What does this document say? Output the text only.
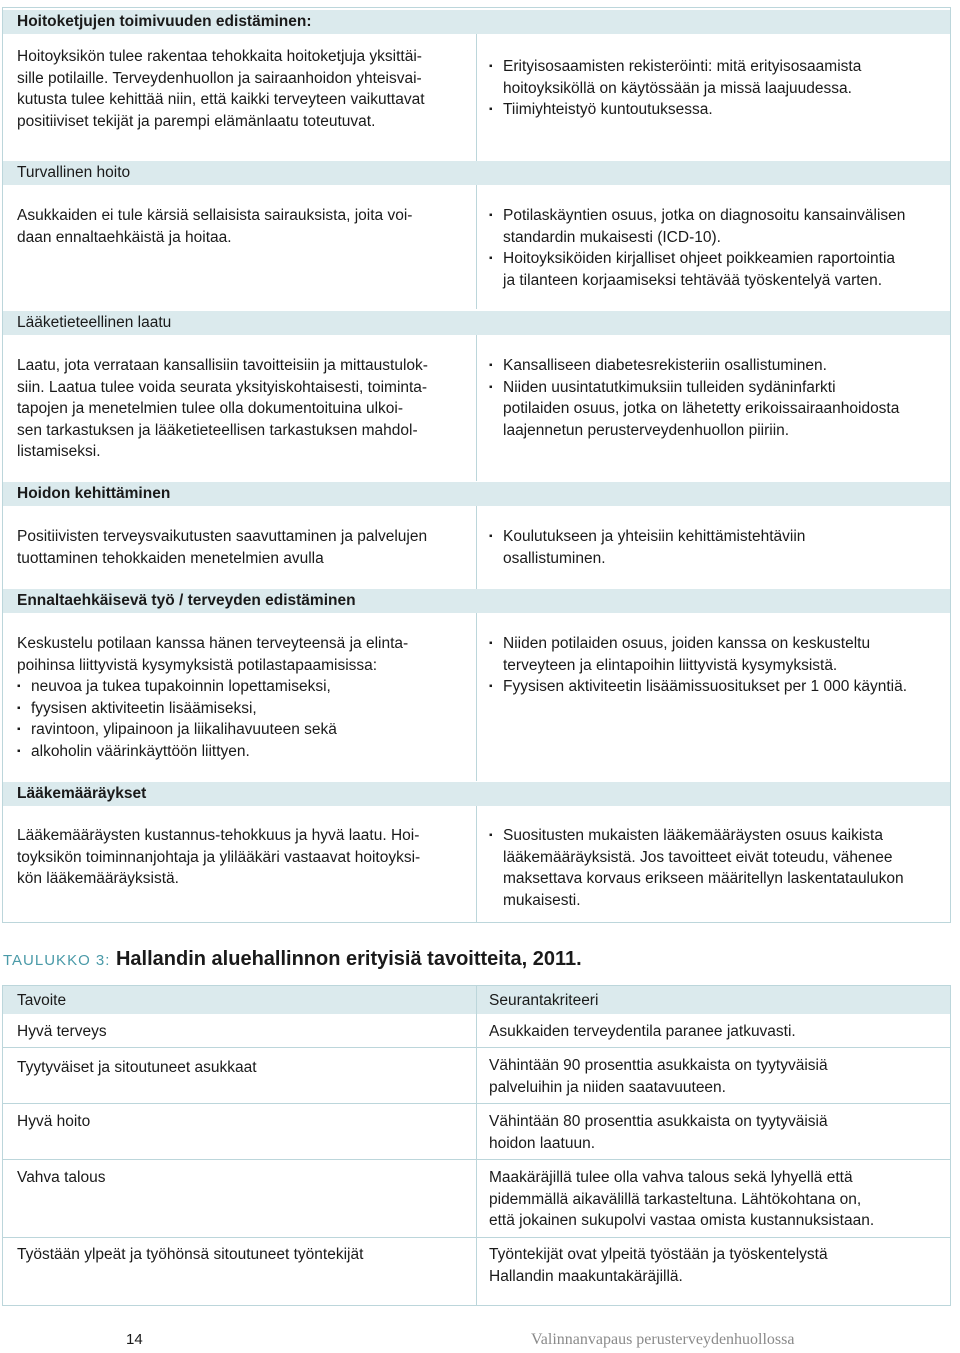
Hoitoketjujen toimivuuden edistäminen:
Hoitoyksikön tulee rakentaa tehokkaita hoitoketjuja yksittäi-
sille potilaille. Terveydenhuollon ja sairaanhoidon yhteisvai-
kutusta tulee kehittää niin, että kaikki terveyteen vaikuttavat
positiiviset tekijät ja parempi elämänlaatu toteutuvat.
▪ Erityisosaamisten rekisteröinti: mitä erityisosaamista
hoitoyksiköllä on käytössään ja missä laajuudessa.
▪ Tiimiyhteistyö kuntoutuksessa.
Turvallinen hoito
Asukkaiden ei tule kärsiä sellaisista sairauksista, joita voi-
daan ennaltaehkäistä ja hoitaa.
▪ Potilaskäyntien osuus, jotka on diagnosoitu kansainvälisen
standardin mukaisesti (ICD-10).
▪ Hoitoyksiköiden kirjalliset ohjeet poikkeamien raportointia
ja tilanteen korjaamiseksi tehtävää työskentelyä varten.
Lääketieteellinen laatu
Laatu, jota verrataan kansallisiin tavoitteisiin ja mittaustulok-
siin. Laatua tulee voida seurata yksityiskohtaisesti, toiminta-
tapojen ja menetelmien tulee olla dokumentoituina ulkoi-
sen tarkastuksen ja lääketieteellisen tarkastuksen mahdol-
listamiseksi.
▪ Kansalliseen diabetesrekisteriin osallistuminen.
▪ Niiden uusintatutkimuksiin tulleiden sydäninfarkti
potilaiden osuus, jotka on lähetetty erikoissairaanhoidosta
laajennetun perusterveydenhuollon piiriin.
Hoidon kehittäminen
Positiivisten terveysvaikutusten saavuttaminen ja palvelujen
tuottaminen tehokkaiden menetelmien avulla
▪ Koulutukseen ja yhteisiin kehittämistehtäviin
osallistuminen.
Ennaltaehkäisevä työ / terveyden edistäminen
Keskustelu potilaan kanssa hänen terveyteensä ja elinta-
poihinsa liittyvistä kysymyksistä potilastapaamisissa:
▪ neuvoa ja tukea tupakoinnin lopettamiseksi,
▪ fyysisen aktiviteetin lisäämiseksi,
▪ ravintoon, ylipainoon ja liikalihavuuteen sekä
▪ alkoholin väärinkäyttöön liittyen.
▪ Niiden potilaiden osuus, joiden kanssa on keskusteltu
terveyteen ja elintapoihin liittyvistä kysymyksistä.
▪ Fyysisen aktiviteetin lisäämissuositukset per 1 000 käyntiä.
Lääkemääräykset
Lääkemääräysten kustannus-tehokkuus ja hyvä laatu. Hoi-
toyksikön toiminnanjohtaja ja ylilääkäri vastaavat hoitoyksi-
kön lääkemääräyksistä.
▪ Suositusten mukaisten lääkemääräysten osuus kaikista
lääkemääräyksistä. Jos tavoitteet eivät toteudu, vähenee
maksettava korvaus erikseen määritellyn laskentataulukon
mukaisesti.
TAULUKKO 3: Hallandin aluehallinnon erityisiä tavoitteita, 2011.
Tavoite	Seurantakriteeri
Hyvä terveys	Asukkaiden terveydentila paranee jatkuvasti.
Tyytyväiset ja sitoutuneet asukkaat	Vähintään 90 prosenttia asukkaista on tyytyväisiä
palveluihin ja niiden saatavuuteen.
Hyvä hoito	Vähintään 80 prosenttia asukkaista on tyytyväisiä
hoidon laatuun.
Vahva talous	Maakäräjillä tulee olla vahva talous sekä lyhyellä että
pidemmällä aikavälillä tarkasteltuna. Lähtökohtana on,
että jokainen sukupolvi vastaa omista kustannuksistaan.
Työstään ylpeät ja työhönsä sitoutuneet työntekijät	Työntekijät ovat ylpeitä työstään ja työskentelystä
Hallandin maakuntakäräjillä.
14	Valinnanvapaus perusterveydenhuollossa
